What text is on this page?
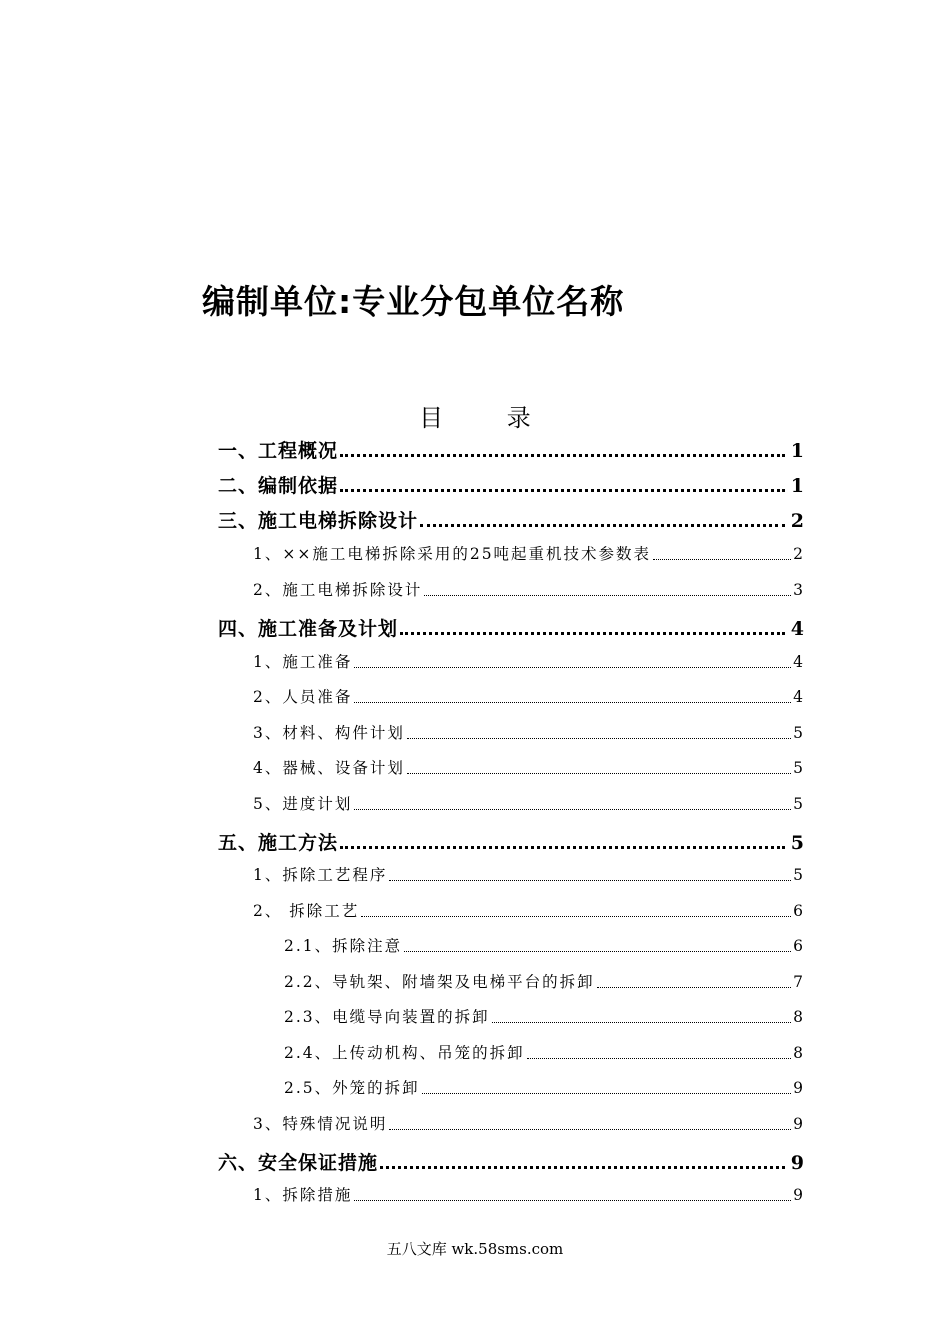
编制单位:专业分包单位名称
目 录
一、工程概况	1
二、编制依据	1
三、施工电梯拆除设计	2
1、××施工电梯拆除采用的25吨起重机技术参数表	2
2、施工电梯拆除设计	3
四、施工准备及计划	4
1、施工准备	4
2、人员准备	4
3、材料、构件计划	5
4、器械、设备计划	5
5、进度计划	5
五、施工方法	5
1、拆除工艺程序	5
2、 拆除工艺	6
2.1、拆除注意	6
2.2、导轨架、附墙架及电梯平台的拆卸	7
2.3、电缆导向装置的拆卸	8
2.4、上传动机构、吊笼的拆卸	8
2.5、外笼的拆卸	9
3、特殊情况说明	9
六、安全保证措施	9
1、拆除措施	9
五八文库 wk.58sms.com
